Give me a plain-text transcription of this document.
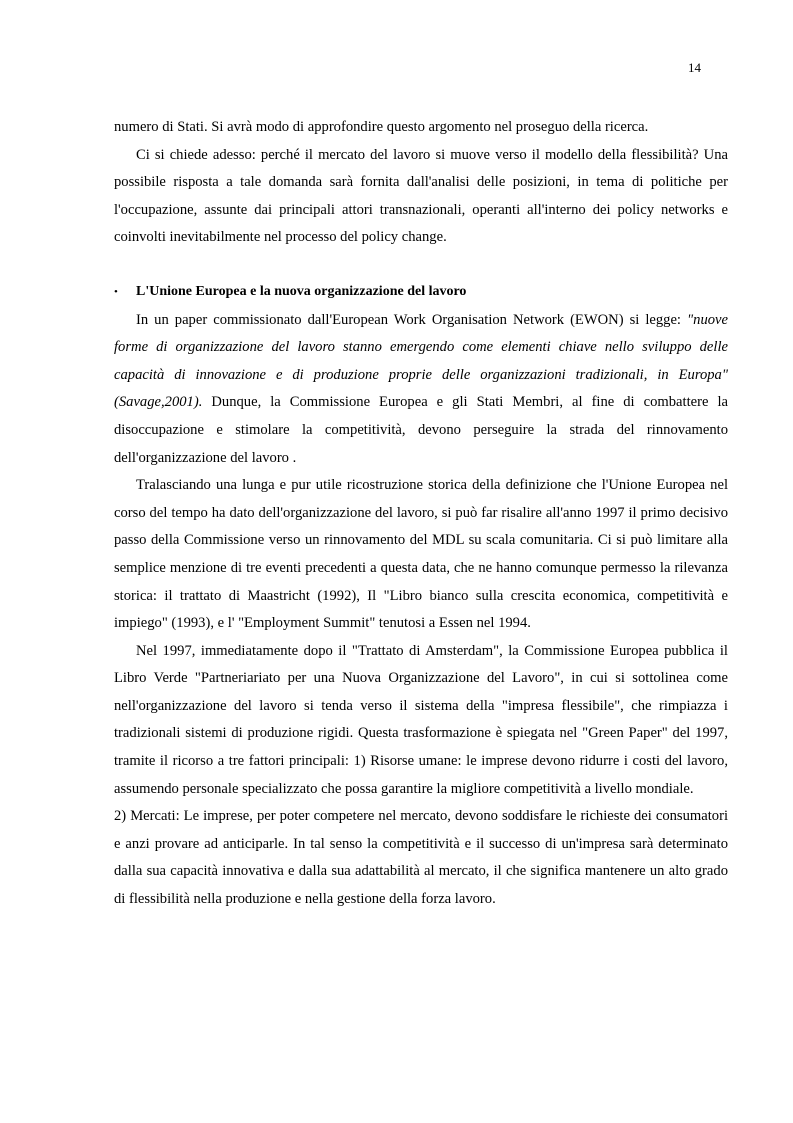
14

numero di Stati. Si avrà modo di approfondire questo argomento nel proseguo della ricerca.

Ci si chiede adesso: perché il mercato del lavoro si muove verso il modello della flessibilità? Una possibile risposta a tale domanda sarà fornita dall'analisi delle posizioni, in tema di politiche per l'occupazione, assunte dai principali attori transnazionali, operanti all'interno dei policy networks e coinvolti inevitabilmente nel processo del policy change.

•	L'Unione Europea e la nuova organizzazione del lavoro

In un paper commissionato dall'European Work Organisation Network (EWON) si legge: "nuove forme di organizzazione del lavoro stanno emergendo come elementi chiave nello sviluppo delle capacità di innovazione e di produzione proprie delle organizzazioni tradizionali, in Europa" (Savage,2001). Dunque, la Commissione Europea e gli Stati Membri, al fine di combattere la disoccupazione e stimolare la competitività, devono perseguire la strada del rinnovamento dell'organizzazione del lavoro .

Tralasciando una lunga e pur utile ricostruzione storica della definizione che l'Unione Europea nel corso del tempo ha dato dell'organizzazione del lavoro, si può far risalire all'anno 1997 il primo decisivo passo della Commissione verso un rinnovamento del MDL su scala comunitaria. Ci si può limitare alla semplice menzione di tre eventi precedenti a questa data, che ne hanno comunque permesso la rilevanza storica: il trattato di Maastricht (1992), Il "Libro bianco sulla crescita economica, competitività e impiego" (1993), e l' "Employment Summit" tenutosi a Essen nel 1994.

Nel 1997, immediatamente dopo il "Trattato di Amsterdam", la Commissione Europea pubblica il Libro Verde "Partneriariato per una Nuova Organizzazione del Lavoro", in cui si sottolinea come nell'organizzazione del lavoro si tenda verso il sistema della "impresa flessibile", che rimpiazza i tradizionali sistemi di produzione rigidi. Questa trasformazione è spiegata nel "Green Paper" del 1997, tramite il ricorso a tre fattori principali: 1) Risorse umane: le imprese devono ridurre i costi del lavoro, assumendo personale specializzato che possa garantire la migliore competitività a livello mondiale.

2) Mercati: Le imprese, per poter competere nel mercato, devono soddisfare le richieste dei consumatori e anzi provare ad anticiparle. In tal senso la competitività e il successo di un'impresa sarà determinato dalla sua capacità innovativa e dalla sua adattabilità al mercato, il che significa mantenere un alto grado di flessibilità nella produzione e nella gestione della forza lavoro.
